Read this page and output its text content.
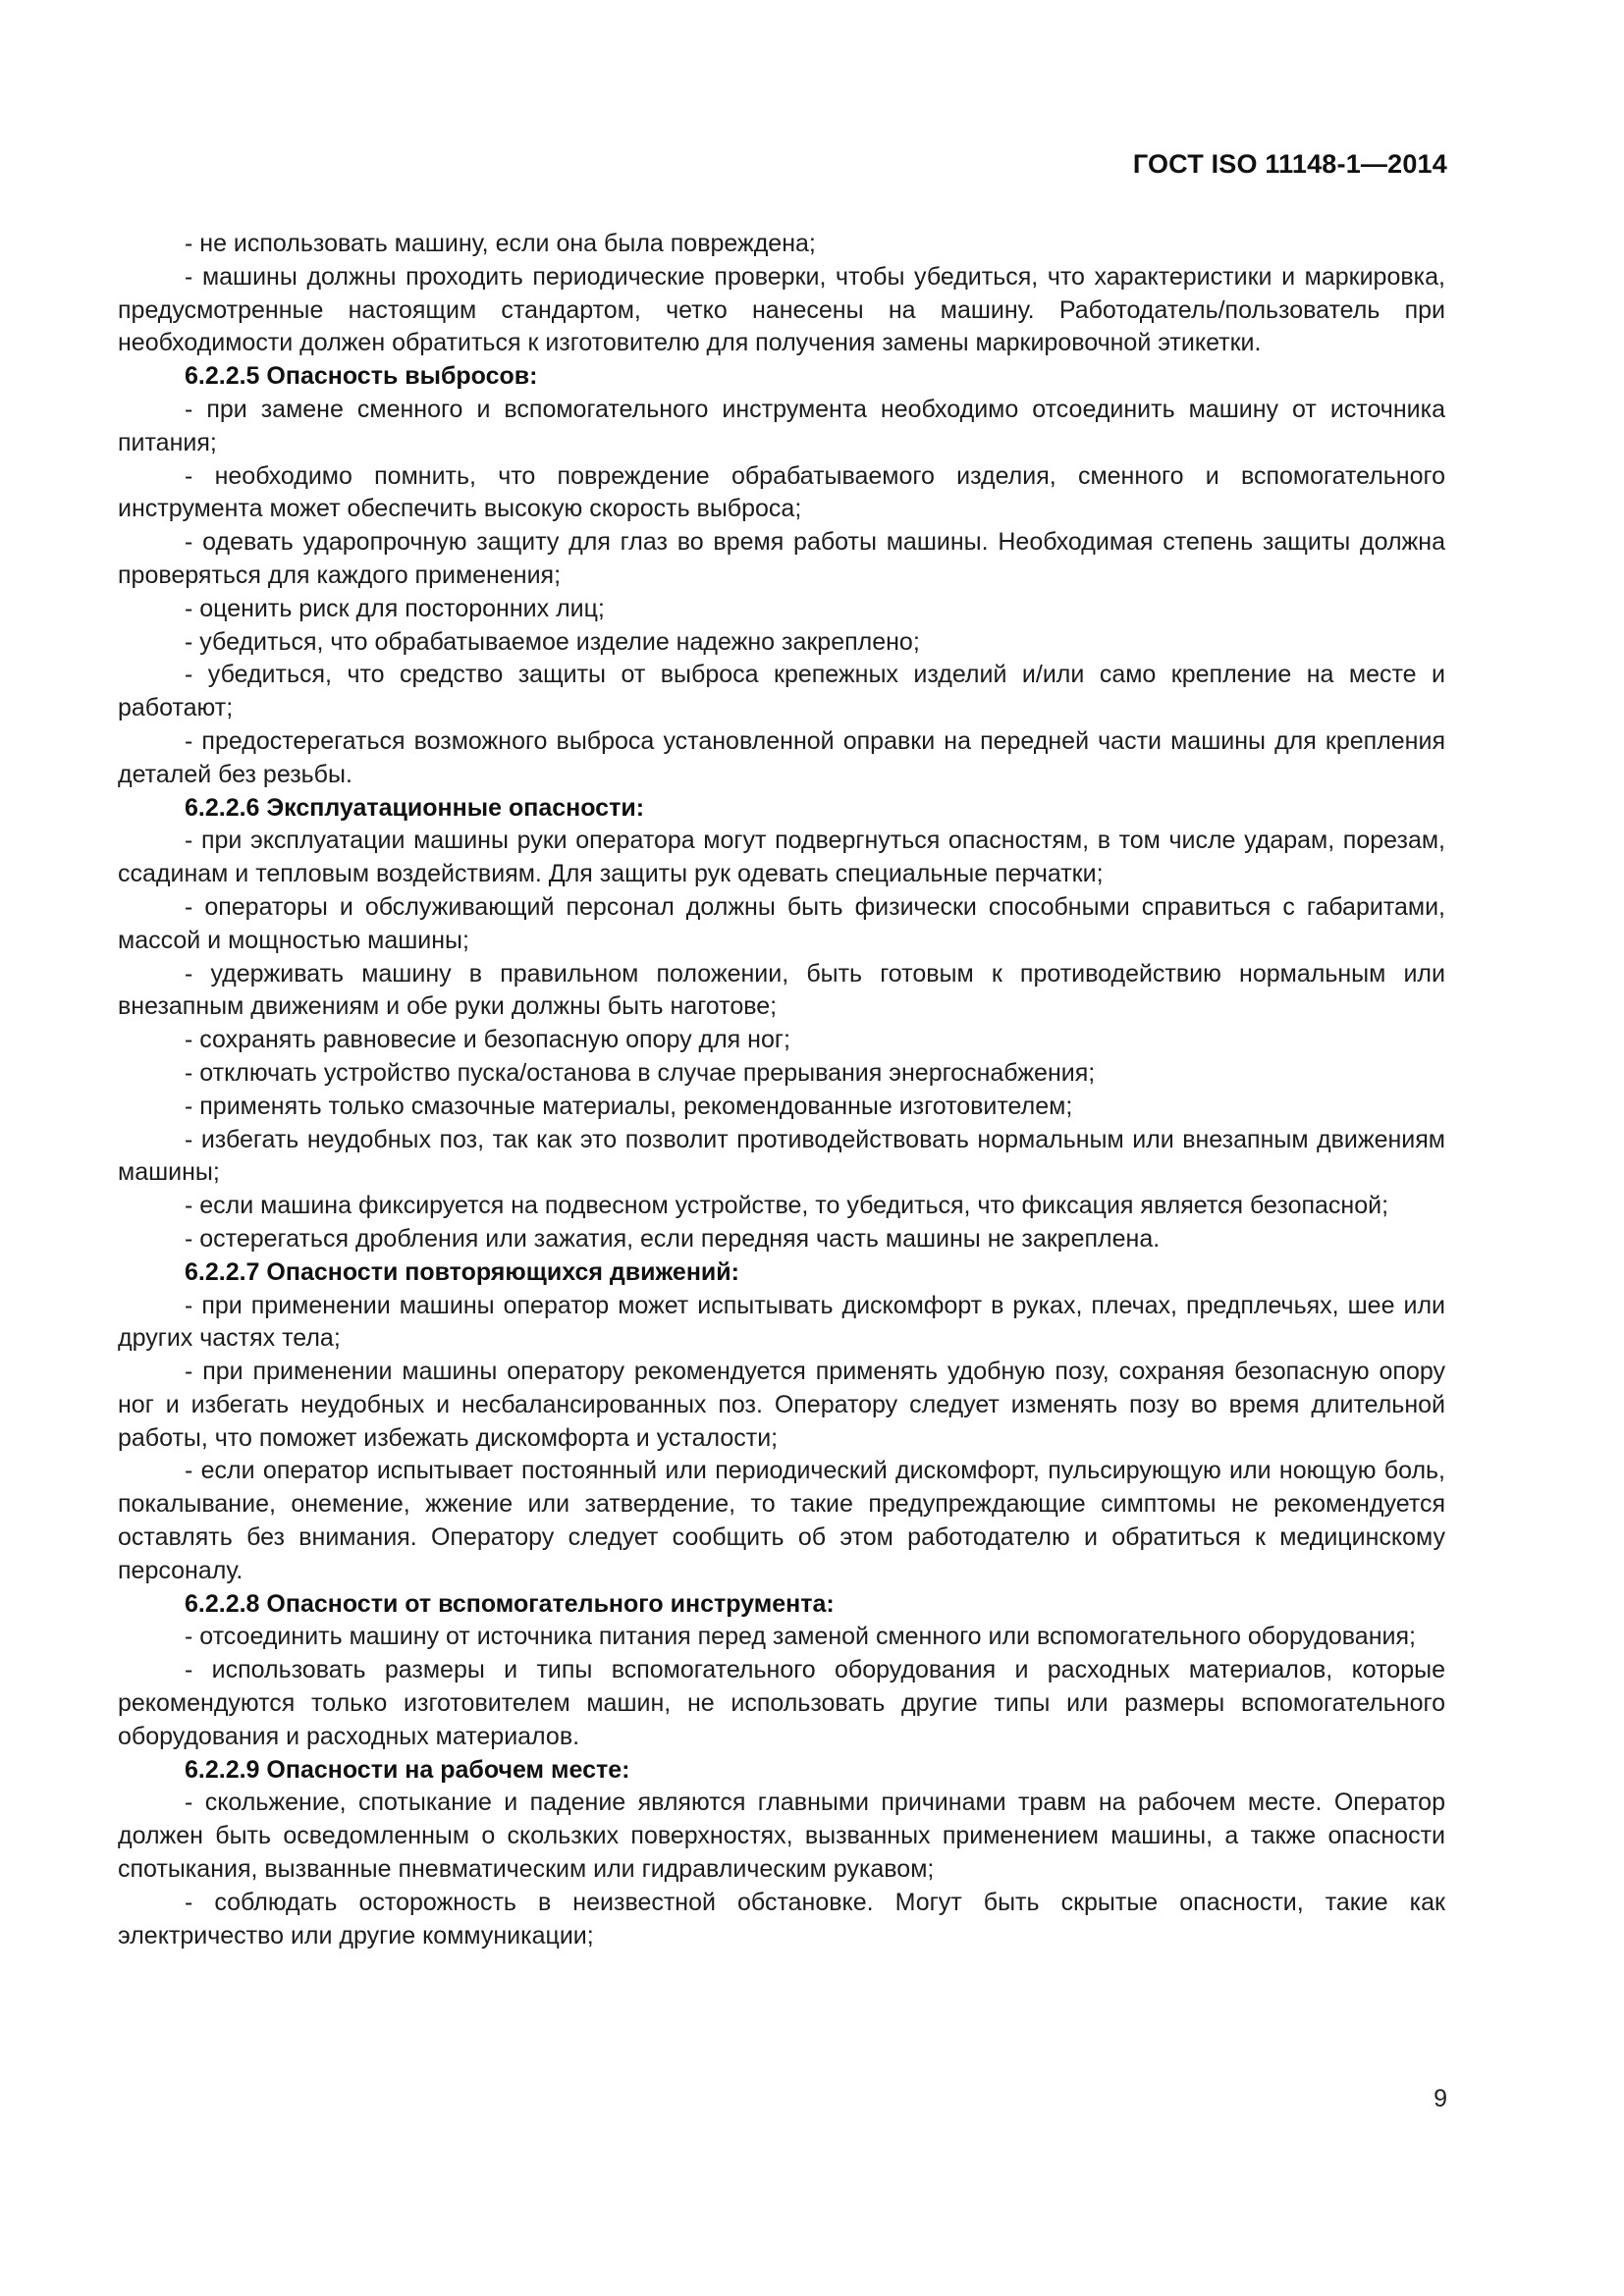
ГОСТ ISO 11148-1—2014

- не использовать машину, если она была повреждена;

- машины должны проходить периодические проверки, чтобы убедиться, что характеристики и маркировка, предусмотренные настоящим стандартом, четко нанесены на машину. Работодатель/пользователь при необходимости должен обратиться к изготовителю для получения замены маркировочной этикетки.

6.2.2.5 Опасность выбросов:

- при замене сменного и вспомогательного инструмента необходимо отсоединить машину от источника питания;

- необходимо помнить, что повреждение обрабатываемого изделия, сменного и вспомогательного инструмента может обеспечить высокую скорость выброса;

- одевать ударопрочную защиту для глаз во время работы машины. Необходимая степень защиты должна проверяться для каждого применения;

- оценить риск для посторонних лиц;

- убедиться, что обрабатываемое изделие надежно закреплено;

- убедиться, что средство защиты от выброса крепежных изделий и/или само крепление на месте и работают;

- предостерегаться возможного выброса установленной оправки на передней части машины для крепления деталей без резьбы.

6.2.2.6 Эксплуатационные опасности:

- при эксплуатации машины руки оператора могут подвергнуться опасностям, в том числе ударам, порезам, ссадинам и тепловым воздействиям. Для защиты рук одевать специальные перчатки;

- операторы и обслуживающий персонал должны быть физически способными справиться с габаритами, массой и мощностью машины;

- удерживать машину в правильном положении, быть готовым к противодействию нормальным или внезапным движениям и обе руки должны быть наготове;

- сохранять равновесие и безопасную опору для ног;

- отключать устройство пуска/останова в случае прерывания энергоснабжения;

- применять только смазочные материалы, рекомендованные изготовителем;

- избегать неудобных поз, так как это позволит противодействовать нормальным или внезапным движениям машины;

- если машина фиксируется на подвесном устройстве, то убедиться, что фиксация является безопасной;

- остерегаться дробления или зажатия, если передняя часть машины не закреплена.

6.2.2.7 Опасности повторяющихся движений:

- при применении машины оператор может испытывать дискомфорт в руках, плечах, предплечьях, шее или других частях тела;

- при применении машины оператору рекомендуется применять удобную позу, сохраняя безопасную опору ног и избегать неудобных и несбалансированных поз. Оператору следует изменять позу во время длительной работы, что поможет избежать дискомфорта и усталости;

- если оператор испытывает постоянный или периодический дискомфорт, пульсирующую или ноющую боль, покалывание, онемение, жжение или затвердение, то такие предупреждающие симптомы не рекомендуется оставлять без внимания. Оператору следует сообщить об этом работодателю и обратиться к медицинскому персоналу.

6.2.2.8 Опасности от вспомогательного инструмента:

- отсоединить машину от источника питания перед заменой сменного или вспомогательного оборудования;

- использовать размеры и типы вспомогательного оборудования и расходных материалов, которые рекомендуются только изготовителем машин, не использовать другие типы или размеры вспомогательного оборудования и расходных материалов.

6.2.2.9 Опасности на рабочем месте:

- скольжение, спотыкание и падение являются главными причинами травм на рабочем месте. Оператор должен быть осведомленным о скользких поверхностях, вызванных применением машины, а также опасности спотыкания, вызванные пневматическим или гидравлическим рукавом;

- соблюдать осторожность в неизвестной обстановке. Могут быть скрытые опасности, такие как электричество или другие коммуникации;

9
